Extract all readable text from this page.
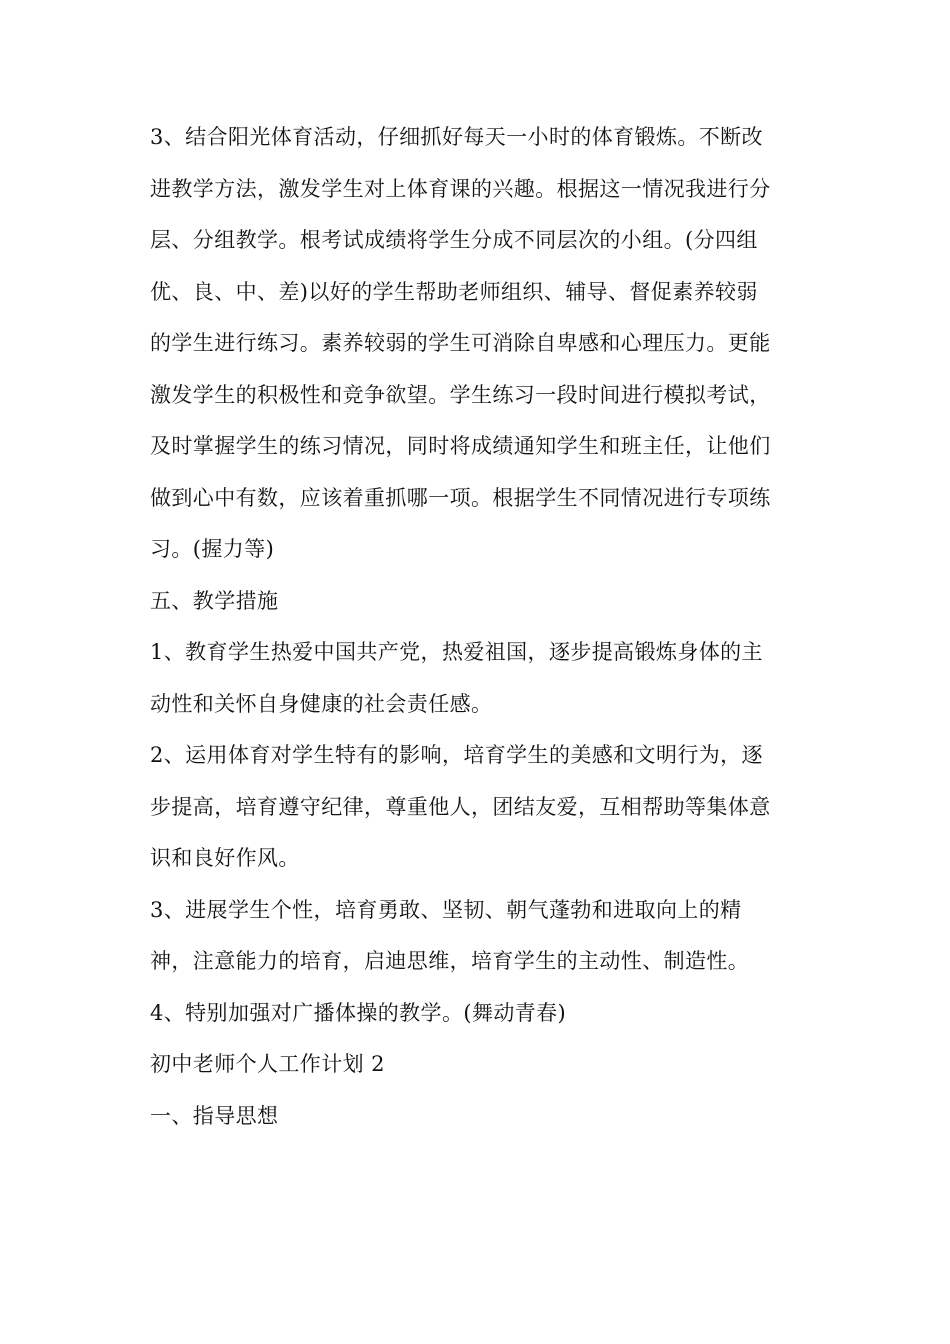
3、结合阳光体育活动，仔细抓好每天一小时的体育锻炼。不断改
进教学方法，激发学生对上体育课的兴趣。根据这一情况我进行分
层、分组教学。根考试成绩将学生分成不同层次的小组。(分四组
优、良、中、差)以好的学生帮助老师组织、辅导、督促素养较弱
的学生进行练习。素养较弱的学生可消除自卑感和心理压力。更能
激发学生的积极性和竞争欲望。学生练习一段时间进行模拟考试，
及时掌握学生的练习情况，同时将成绩通知学生和班主任，让他们
做到心中有数，应该着重抓哪一项。根据学生不同情况进行专项练
习。(握力等)

五、教学措施

1、教育学生热爱中国共产党，热爱祖国，逐步提高锻炼身体的主
动性和关怀自身健康的社会责任感。

2、运用体育对学生特有的影响，培育学生的美感和文明行为，逐
步提高，培育遵守纪律，尊重他人，团结友爱，互相帮助等集体意
识和良好作风。

3、进展学生个性，培育勇敢、坚韧、朝气蓬勃和进取向上的精
神，注意能力的培育，启迪思维，培育学生的主动性、制造性。

4、特别加强对广播体操的教学。(舞动青春)

初中老师个人工作计划 2

一、指导思想
